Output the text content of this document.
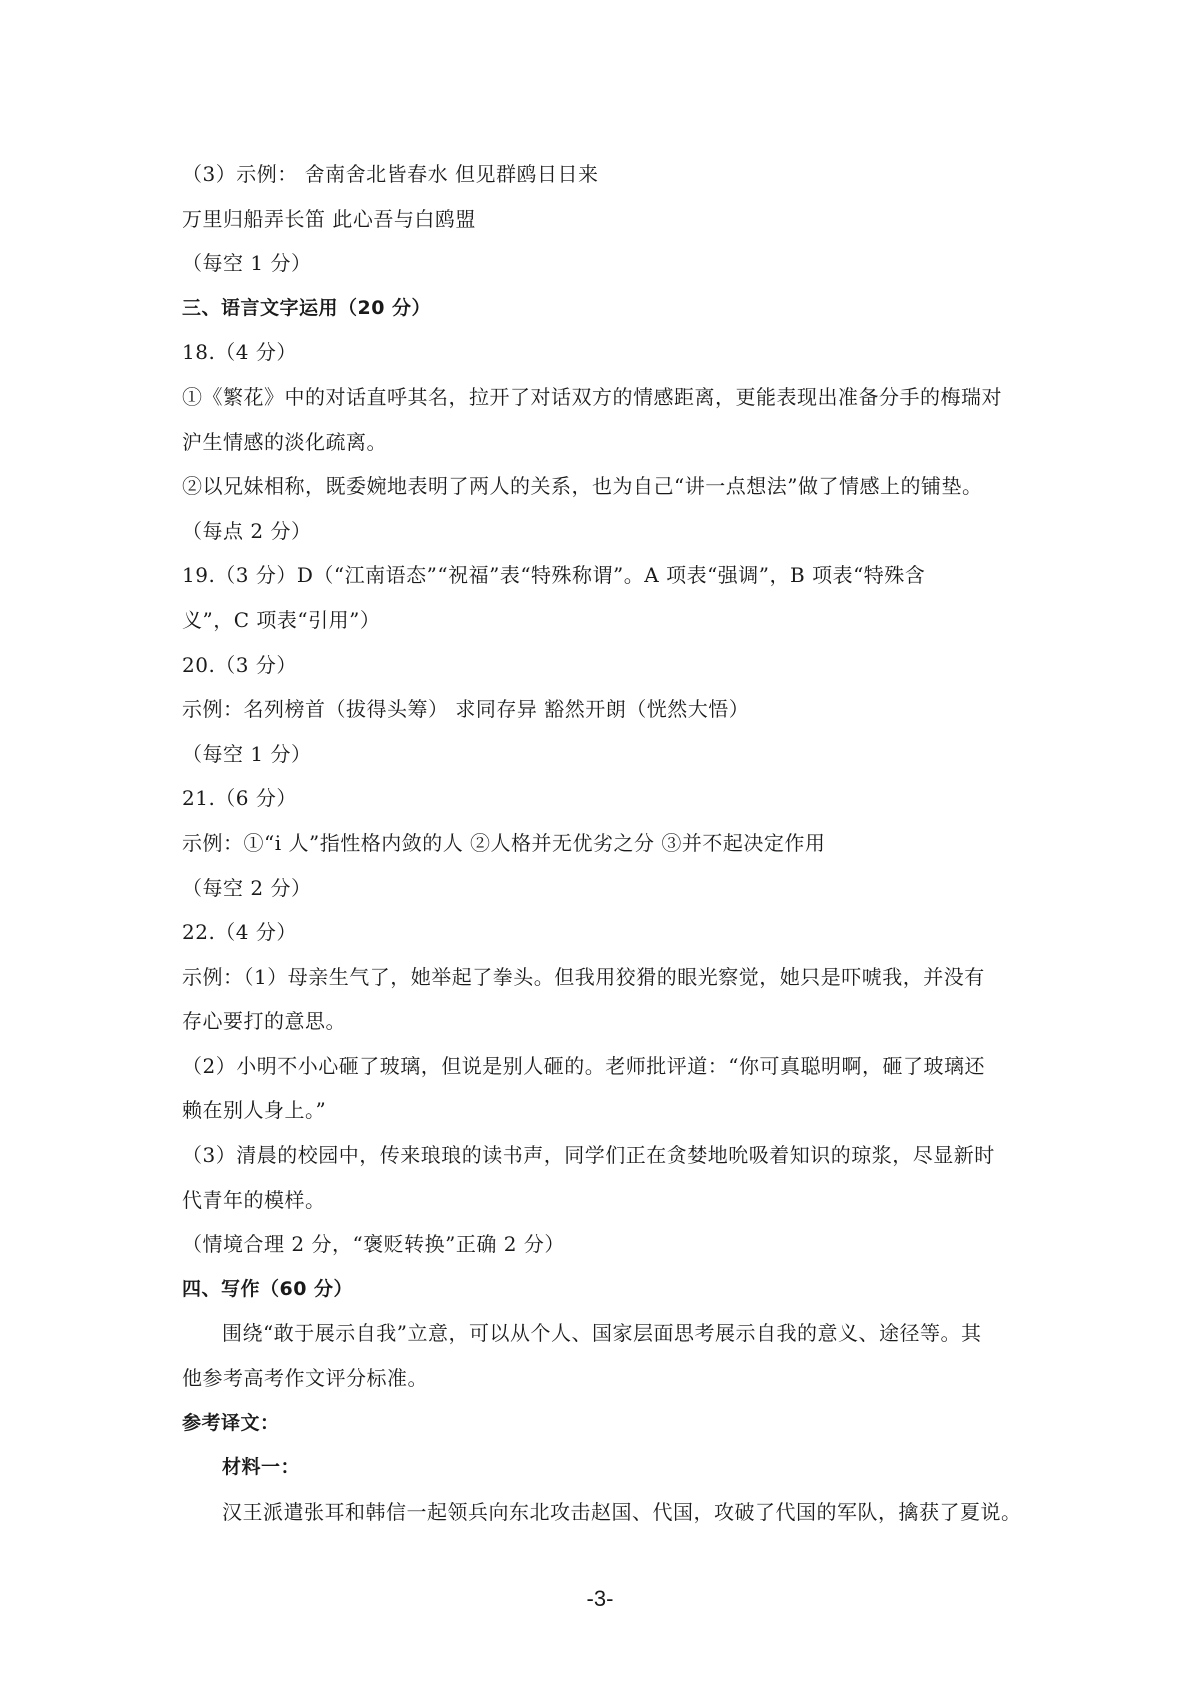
（3）示例： 舍南舍北皆春水 但见群鸥日日来
万里归船弄长笛 此心吾与白鸥盟
（每空 1 分）
三、语言文字运用（20 分）
18.（4 分）
①《繁花》中的对话直呼其名，拉开了对话双方的情感距离，更能表现出准备分手的梅瑞对
沪生情感的淡化疏离。
②以兄妹相称，既委婉地表明了两人的关系，也为自己“讲一点想法”做了情感上的铺垫。
（每点 2 分）
19.（3 分）D（“江南语态”“祝福”表“特殊称谓”。A 项表“强调”，B 项表“特殊含
义”，C 项表“引用”）
20.（3 分）
示例：名列榜首（拔得头筹） 求同存异 豁然开朗（恍然大悟）
（每空 1 分）
21.（6 分）
示例：①“i 人”指性格内敛的人 ②人格并无优劣之分 ③并不起决定作用
（每空 2 分）
22.（4 分）
示例：（1）母亲生气了，她举起了拳头。但我用狡猾的眼光察觉，她只是吓唬我，并没有
存心要打的意思。
（2）小明不小心砸了玻璃，但说是别人砸的。老师批评道：“你可真聪明啊，砸了玻璃还
赖在别人身上。”
（3）清晨的校园中，传来琅琅的读书声，同学们正在贪婪地吮吸着知识的琼浆，尽显新时
代青年的模样。
（情境合理 2 分，“褒贬转换”正确 2 分）
四、写作（60 分）
围绕“敢于展示自我”立意，可以从个人、国家层面思考展示自我的意义、途径等。其
他参考高考作文评分标准。
参考译文：
材料一：
汉王派遣张耳和韩信一起领兵向东北攻击赵国、代国，攻破了代国的军队，擒获了夏说。
-3-
